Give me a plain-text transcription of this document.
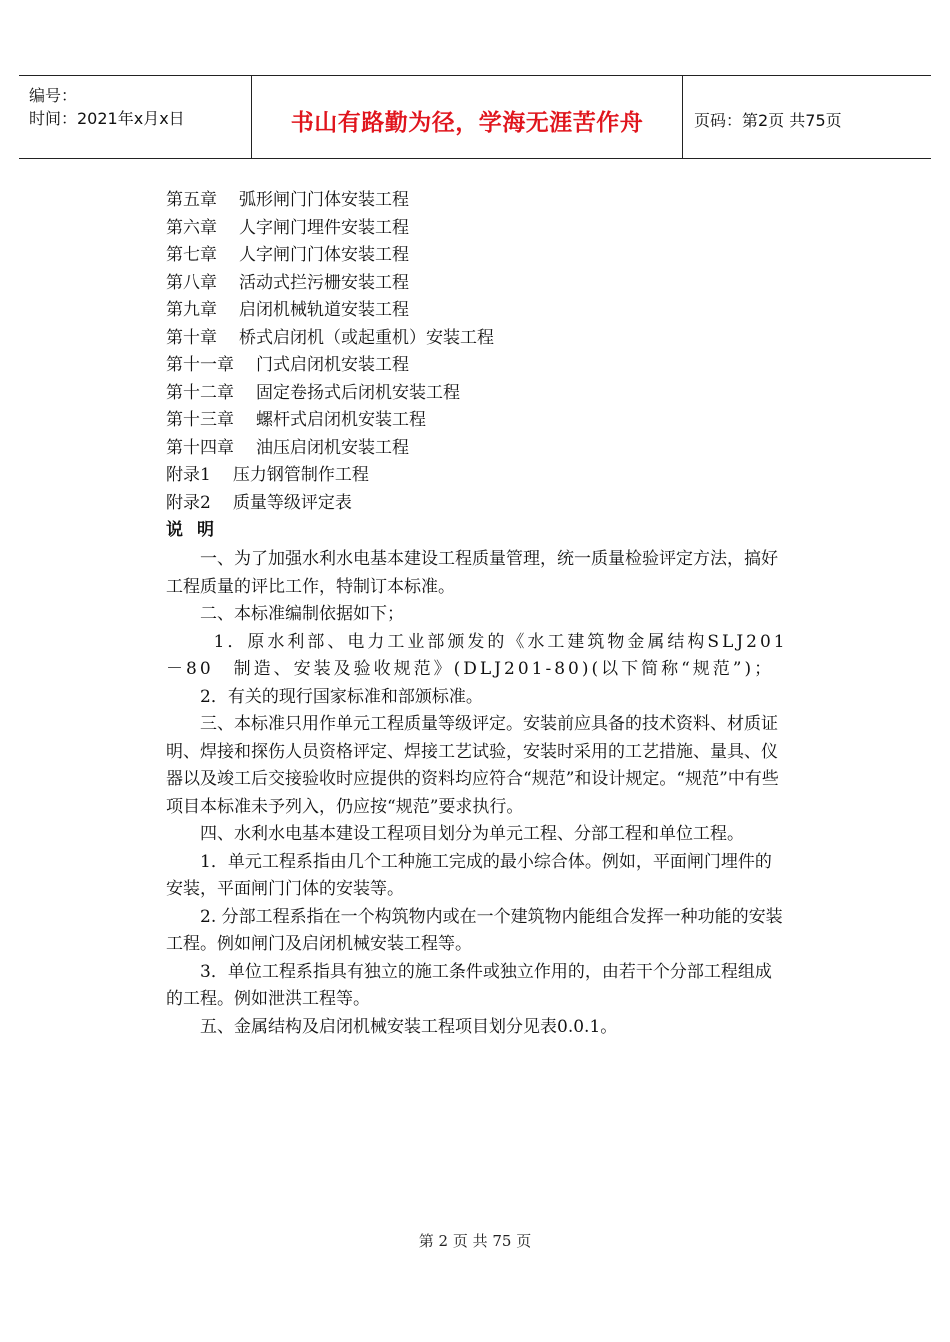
编号：
时间：2021年x月x日	书山有路勤为径，学海无涯苦作舟	页码：第2页 共75页
第五章 弧形闸门门体安装工程
第六章 人字闸门埋件安装工程
第七章 人字闸门门体安装工程
第八章 活动式拦污栅安装工程
第九章 启闭机械轨道安装工程
第十章 桥式启闭机（或起重机）安装工程
第十一章 门式启闭机安装工程
第十二章 固定卷扬式后闭机安装工程
第十三章 螺杆式启闭机安装工程
第十四章 油压启闭机安装工程
附录1 压力钢管制作工程
附录2 质量等级评定表

说明

一、为了加强水利水电基本建设工程质量管理，统一质量检验评定方法，搞好工程质量的评比工作，特制订本标准。

二、本标准编制依据如下；

1．原水利部、电力工业部颁发的《水工建筑物金属结构SLJ201－80　制造、安装及验收规范》(DLJ201-80)(以下简称“规范”)；

2．有关的现行国家标准和部颁标准。

三、本标准只用作单元工程质量等级评定。安装前应具备的技术资料、材质证明、焊接和探伤人员资格评定、焊接工艺试验，安装时采用的工艺措施、量具、仪器以及竣工后交接验收时应提供的资料均应符合“规范”和设计规定。“规范”中有些项目本标准未予列入，仍应按“规范”要求执行。

四、水利水电基本建设工程项目划分为单元工程、分部工程和单位工程。

1．单元工程系指由几个工种施工完成的最小综合体。例如，平面闸门埋件的安装，平面闸门门体的安装等。

2. 分部工程系指在一个构筑物内或在一个建筑物内能组合发挥一种功能的安装工程。例如闸门及启闭机械安装工程等。

3．单位工程系指具有独立的施工条件或独立作用的，由若干个分部工程组成的工程。例如泄洪工程等。

五、金属结构及启闭机械安装工程项目划分见表0.0.1。

第 2 页 共 75 页
